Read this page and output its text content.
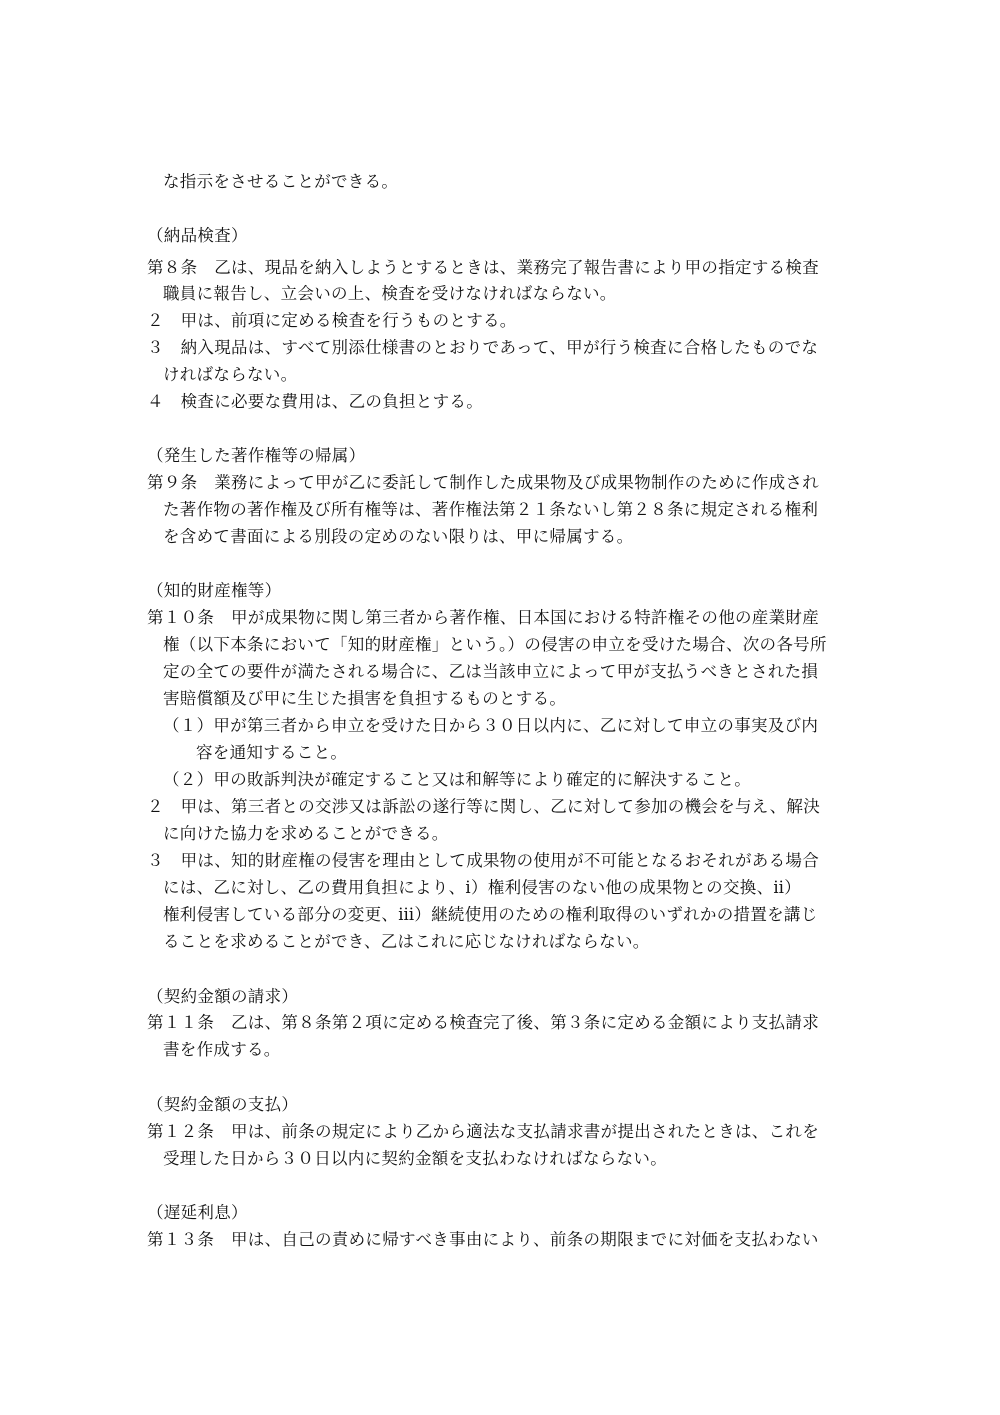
な指示をさせることができる。
（納品検査）
第８条　乙は、現品を納入しようとするときは、業務完了報告書により甲の指定する検査
職員に報告し、立会いの上、検査を受けなければならない。
２　甲は、前項に定める検査を行うものとする。
３　納入現品は、すべて別添仕様書のとおりであって、甲が行う検査に合格したものでな
ければならない。
４　検査に必要な費用は、乙の負担とする。
（発生した著作権等の帰属）
第９条　業務によって甲が乙に委託して制作した成果物及び成果物制作のために作成され
た著作物の著作権及び所有権等は、著作権法第２１条ないし第２８条に規定される権利
を含めて書面による別段の定めのない限りは、甲に帰属する。
（知的財産権等）
第１０条　甲が成果物に関し第三者から著作権、日本国における特許権その他の産業財産
権（以下本条において「知的財産権」という。）の侵害の申立を受けた場合、次の各号所
定の全ての要件が満たされる場合に、乙は当該申立によって甲が支払うべきとされた損
害賠償額及び甲に生じた損害を負担するものとする。
（１）甲が第三者から申立を受けた日から３０日以内に、乙に対して申立の事実及び内
容を通知すること。
（２）甲の敗訴判決が確定すること又は和解等により確定的に解決すること。
２　甲は、第三者との交渉又は訴訟の遂行等に関し、乙に対して参加の機会を与え、解決
に向けた協力を求めることができる。
３　甲は、知的財産権の侵害を理由として成果物の使用が不可能となるおそれがある場合
には、乙に対し、乙の費用負担により、ⅰ）権利侵害のない他の成果物との交換、ⅱ）
権利侵害している部分の変更、ⅲ）継続使用のための権利取得のいずれかの措置を講じ
ることを求めることができ、乙はこれに応じなければならない。
（契約金額の請求）
第１１条　乙は、第８条第２項に定める検査完了後、第３条に定める金額により支払請求
書を作成する。
（契約金額の支払）
第１２条　甲は、前条の規定により乙から適法な支払請求書が提出されたときは、これを
受理した日から３０日以内に契約金額を支払わなければならない。
（遅延利息）
第１３条　甲は、自己の責めに帰すべき事由により、前条の期限までに対価を支払わない
